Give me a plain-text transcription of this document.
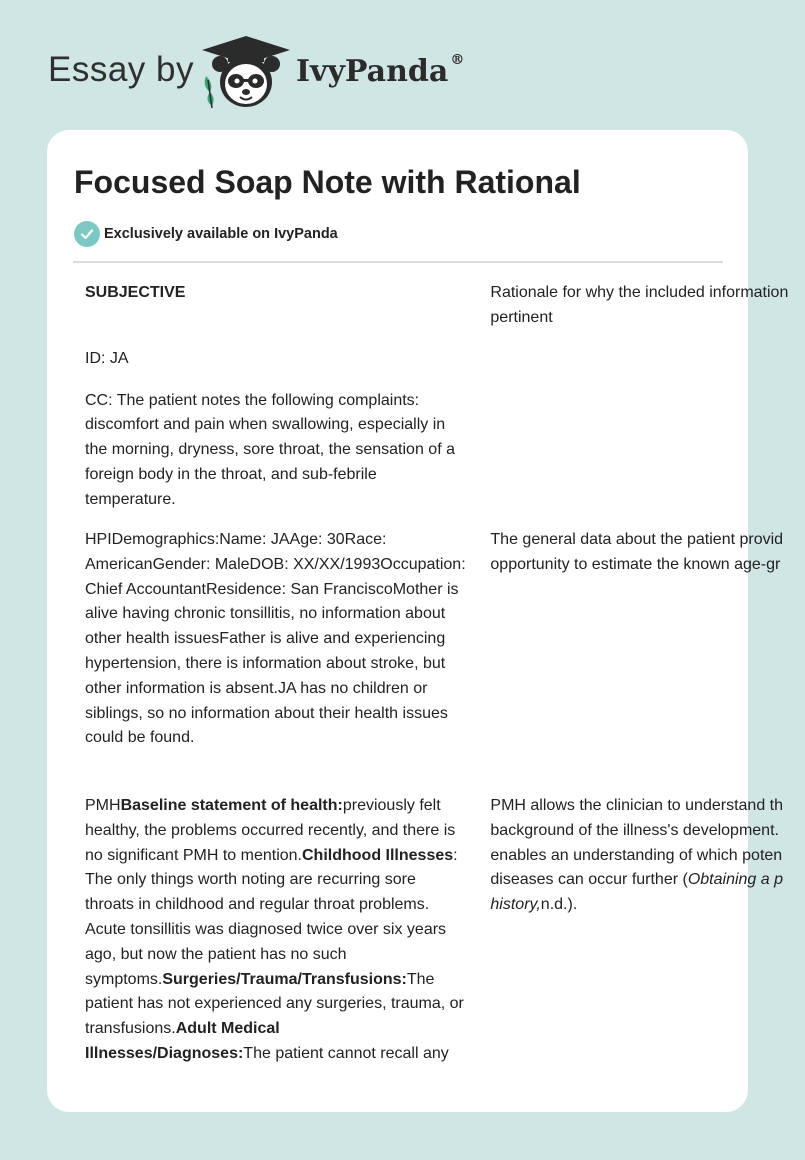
Essay by	IvyPanda ®
Focused Soap Note with Rational
Exclusively available on IvyPanda

SUBJECTIVE

ID: JA

CC: The patient notes the following complaints: discomfort and pain when swallowing, especially in the morning, dryness, sore throat, the sensation of a foreign body in the throat, and sub-febrile temperature.

Rationale for why the included information

pertinent

HPIDemographics:Name: JAAge: 30Race: AmericanGender: MaleDOB: XX/XX/1993Occupation: Chief AccountantResidence: San FranciscoMother is alive having chronic tonsillitis, no information about other health issuesFather is alive and experiencing hypertension, there is information about stroke, but other information is absent.JA has no children or siblings, so no information about their health issues could be found.

The general data about the patient provid

opportunity to estimate the known age-gr

PMHBaseline statement of health:previously felt healthy, the problems occurred recently, and there is no significant PMH to mention.Childhood Illnesses: The only things worth noting are recurring sore throats in childhood and regular throat problems. Acute tonsillitis was diagnosed twice over six years ago, but now the patient has no such symptoms.Surgeries/Trauma/Transfusions:The patient has not experienced any surgeries, trauma, or transfusions.Adult Medical Illnesses/Diagnoses:The patient cannot recall any

PMH allows the clinician to understand th

background of the illness's development.

enables an understanding of which poten

diseases can occur further (Obtaining a p

history,n.d.).
